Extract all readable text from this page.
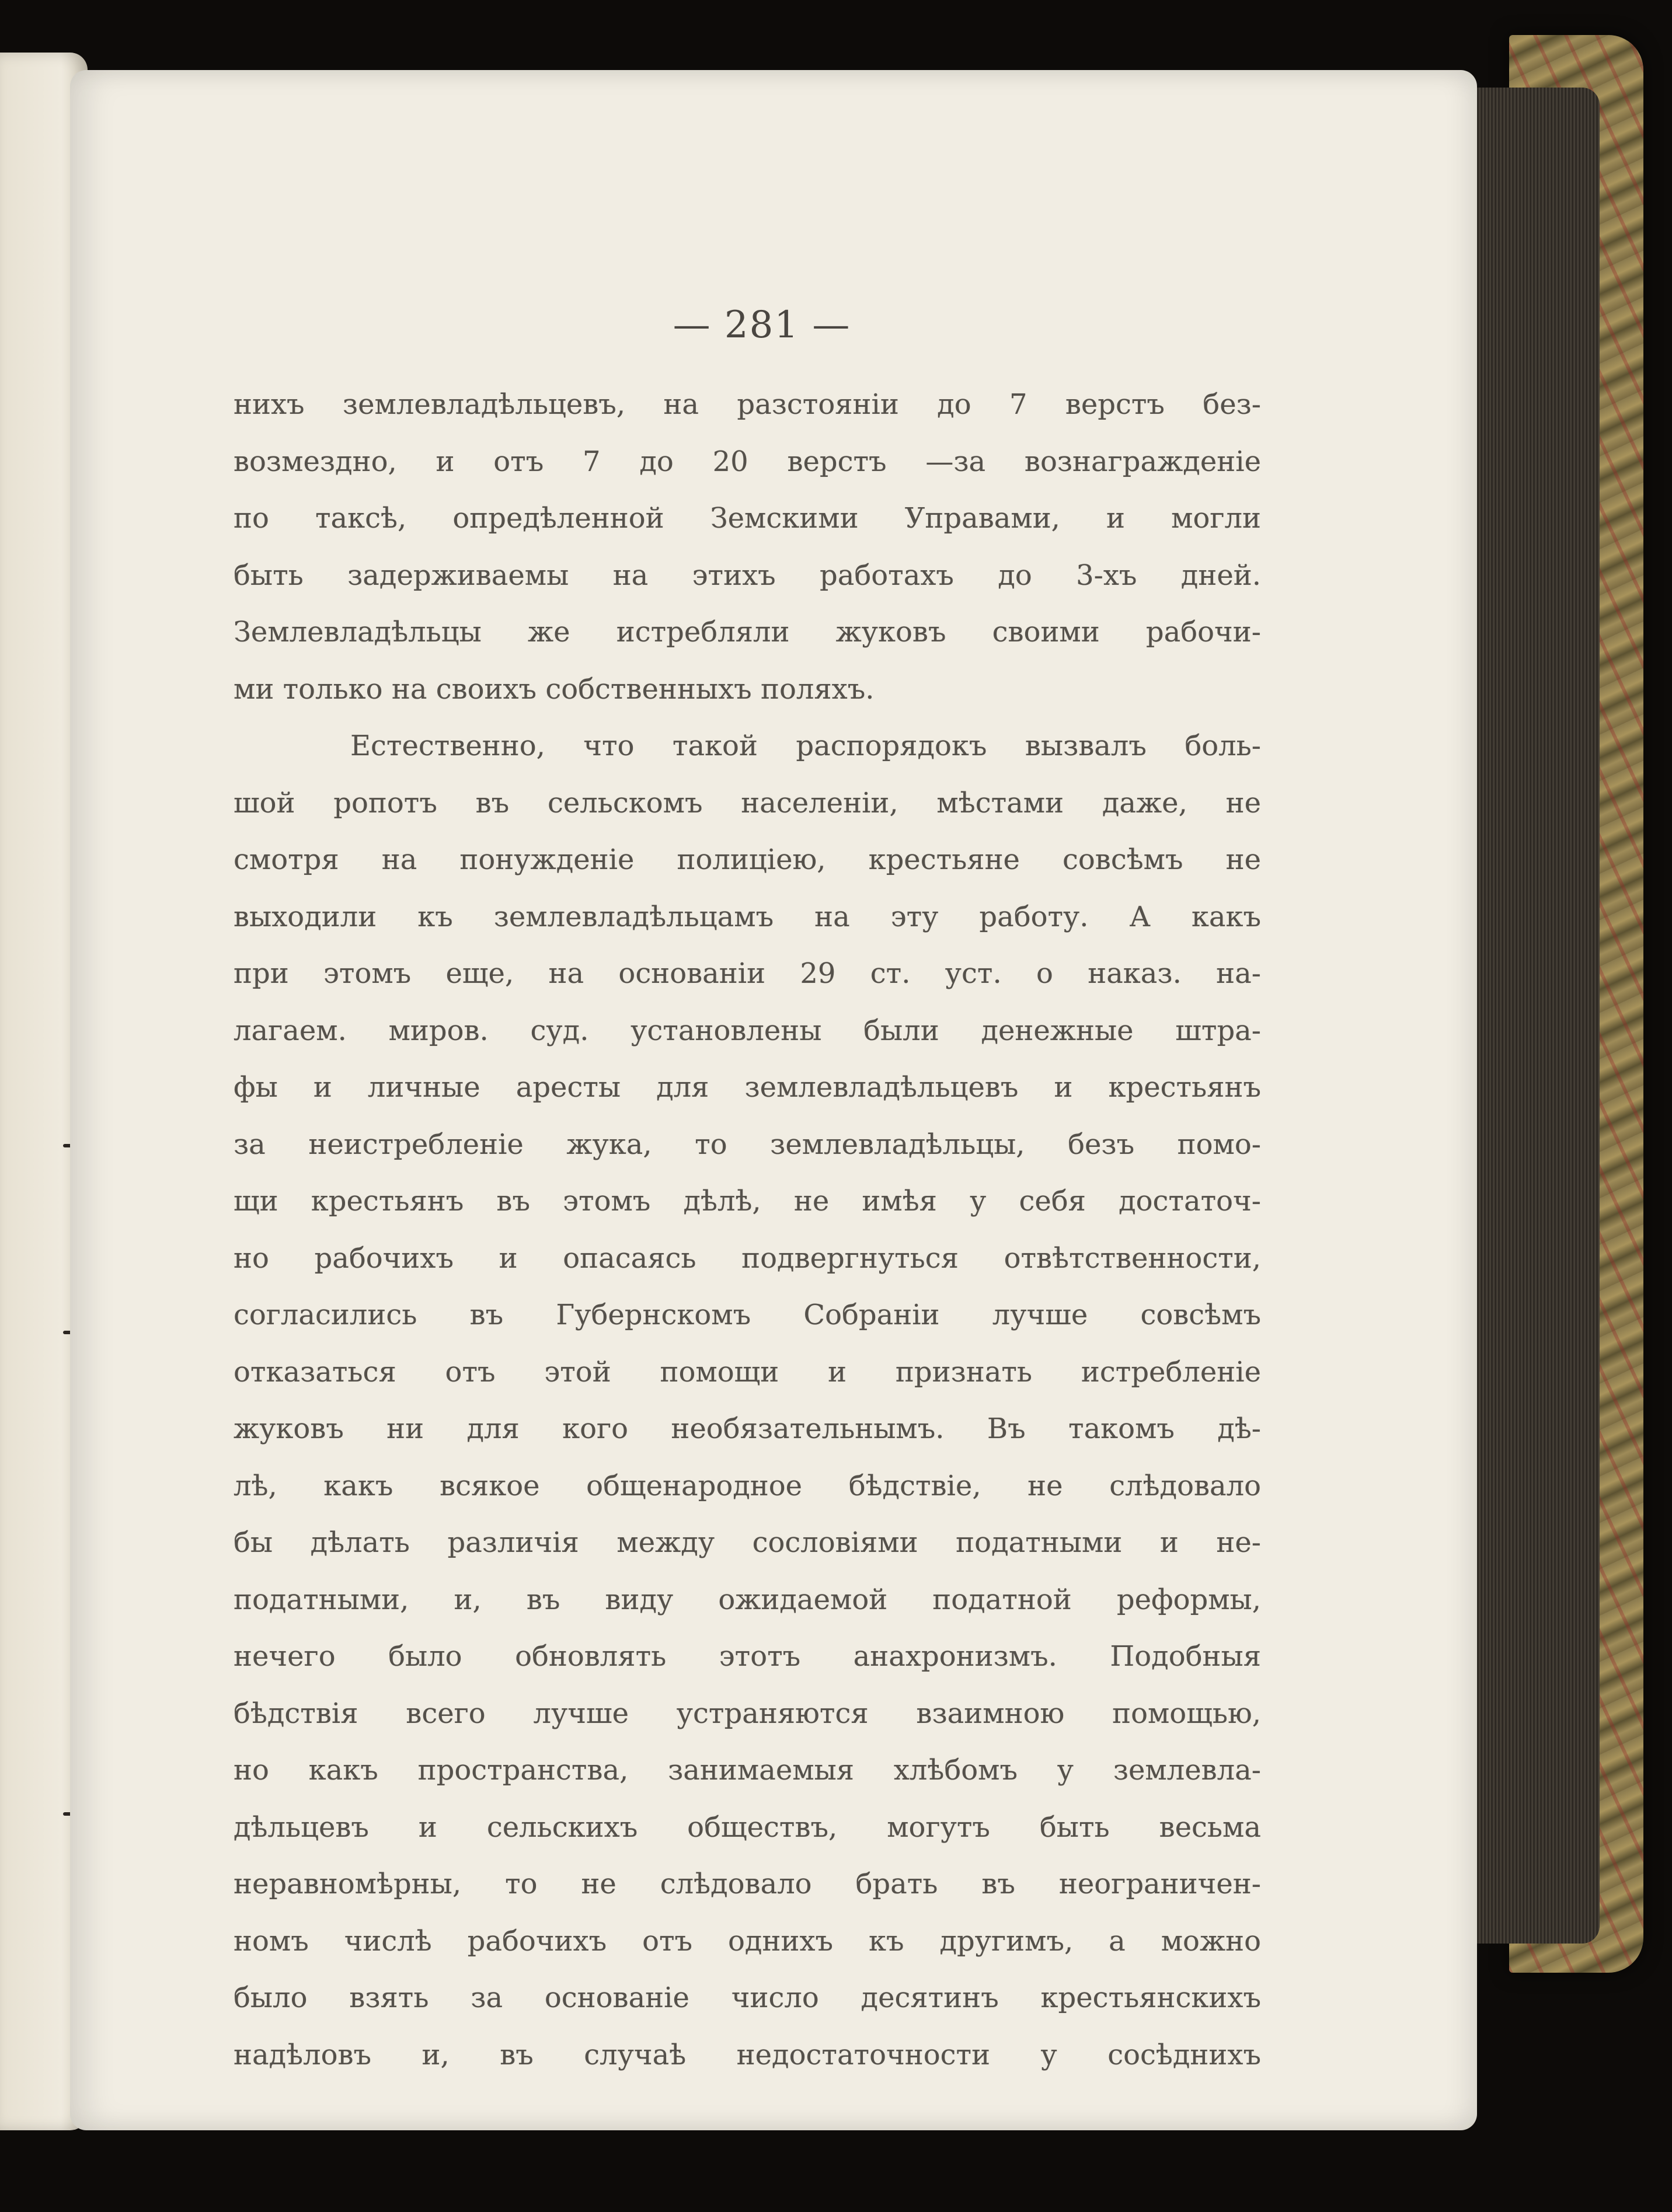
— 281 —
нихъ землевладѣльцевъ, на разстояніи до 7 верстъ без-
возмездно, и отъ 7 до 20 верстъ —за вознагражденіе
по таксѣ, опредѣленной Земскими Управами, и могли
быть задерживаемы на этихъ работахъ до 3-хъ дней.
Землевладѣльцы же истребляли жуковъ своими рабочи-
ми только на своихъ собственныхъ поляхъ.
Естественно, что такой распорядокъ вызвалъ боль-
шой ропотъ въ сельскомъ населеніи, мѣстами даже, не
смотря на понужденіе полиціею, крестьяне совсѣмъ не
выходили къ землевладѣльцамъ на эту работу. А какъ
при этомъ еще, на основаніи 29 ст. уст. о наказ. на-
лагаем. миров. суд. установлены были денежные штра-
фы и личные аресты для землевладѣльцевъ и крестьянъ
за неистребленіе жука, то землевладѣльцы, безъ помо-
щи крестьянъ въ этомъ дѣлѣ, не имѣя у себя достаточ-
но рабочихъ и опасаясь подвергнуться отвѣтственности,
согласились въ Губернскомъ Собраніи лучше совсѣмъ
отказаться отъ этой помощи и признать истребленіе
жуковъ ни для кого необязательнымъ. Въ такомъ дѣ-
лѣ, какъ всякое общенародное бѣдствіе, не слѣдовало
бы дѣлать различія между сословіями податными и не-
податными, и, въ виду ожидаемой податной реформы,
нечего было обновлять этотъ анахронизмъ. Подобныя
бѣдствія всего лучше устраняются взаимною помощью,
но какъ пространства, занимаемыя хлѣбомъ у землевла-
дѣльцевъ и сельскихъ обществъ, могутъ быть весьма
неравномѣрны, то не слѣдовало брать въ неограничен-
номъ числѣ рабочихъ отъ однихъ къ другимъ, а можно
было взять за основаніе число десятинъ крестьянскихъ
надѣловъ и, въ случаѣ недостаточности у сосѣднихъ
